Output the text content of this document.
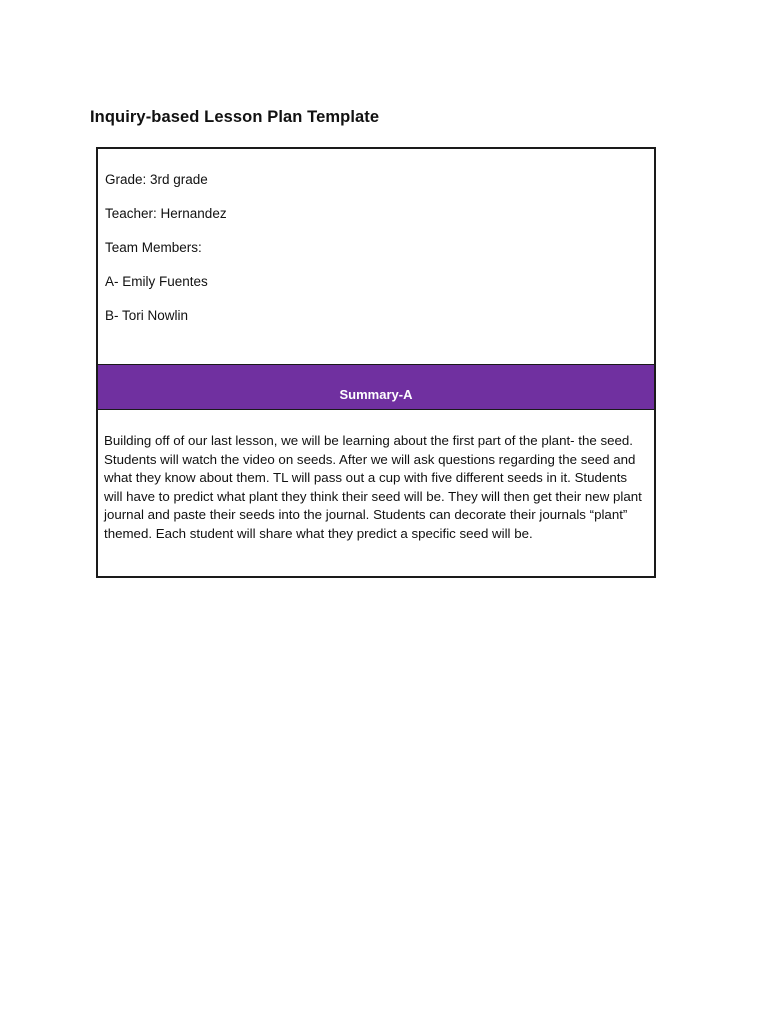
Inquiry-based Lesson Plan Template
Grade: 3rd grade
Teacher: Hernandez
Team Members:
A- Emily Fuentes
B- Tori Nowlin
Summary-A
Building off of our last lesson, we will be learning about the first part of the plant- the seed. Students will watch the video on seeds. After we will ask questions regarding the seed and what they know about them. TL will pass out a cup with five different seeds in it. Students will have to predict what plant they think their seed will be. They will then get their new plant journal and paste their seeds into the journal. Students can decorate their journals “plant” themed. Each student will share what they predict a specific seed will be.
